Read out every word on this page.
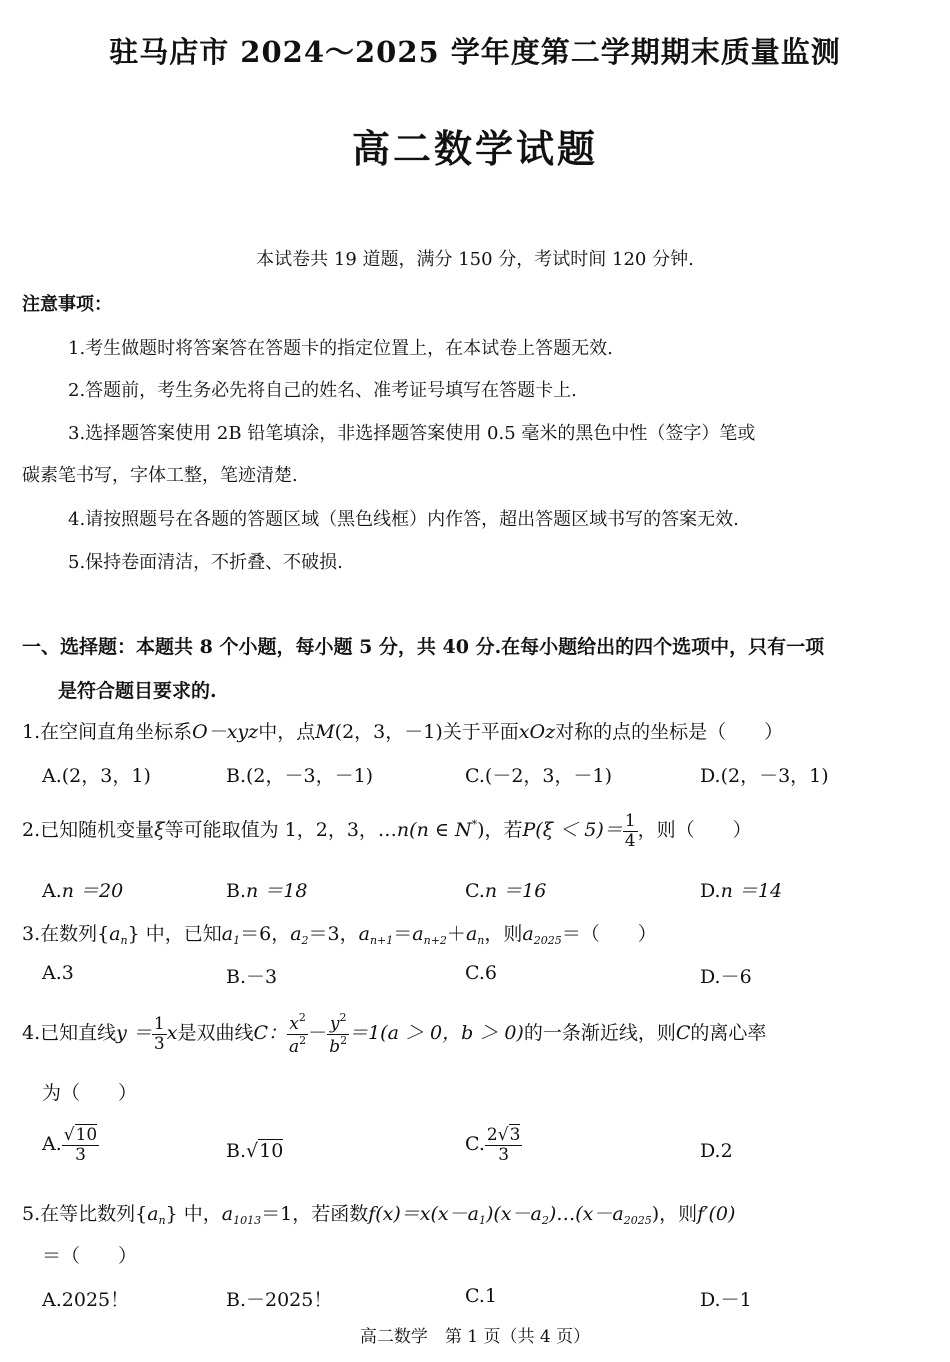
驻马店市 2024～2025 学年度第二学期期末质量监测
高二数学试题
本试卷共 19 道题，满分 150 分，考试时间 120 分钟.
注意事项：
1.考生做题时将答案答在答题卡的指定位置上，在本试卷上答题无效.
2.答题前，考生务必先将自己的姓名、准考证号填写在答题卡上.
3.选择题答案使用 2B 铅笔填涂，非选择题答案使用 0.5 毫米的黑色中性（签字）笔或
碳素笔书写，字体工整，笔迹清楚.
4.请按照题号在各题的答题区域（黑色线框）内作答，超出答题区域书写的答案无效.
5.保持卷面清洁，不折叠、不破损.
一、选择题：本题共 8 个小题，每小题 5 分，共 40 分.在每小题给出的四个选项中，只有一项
是符合题目要求的.
1.在空间直角坐标系O－xyz中，点M(2，3，－1)关于平面xOz对称的点的坐标是（　　）
A.(2，3，1)	B.(2，－3，－1)	C.(－2，3，－1)	D.(2，－3，1)
2.已知随机变量ξ等可能取值为 1，2，3，…n(n ∈ N*)，若$P(\xi < 5)= \frac{1}{4}$ ，则（　　）
A.n ＝20	B.n ＝18	C.n ＝16	D.n ＝14
3.在数列$\{a_n\}$ 中，已知$a_1=6$，$a_2=3$，$a_{n+1}=a_{n+2}+a_n$，则$a_{2025}=$（　　）
A.3	B.－3	C.6	D.－6
4.已知直线$y = \frac{1}{3}$ x是双曲线C： $\frac{x^2}{a^2} - \frac{y^2}{b^2} =1(a > 0$，b ＞ 0)的一条渐近线，则C的离心率
为（　　）
A. $\frac{√10}{3}$	B.√10	C. $\frac{2√3}{3}$	D.2
5.在等比数列$\{a_n\}$ 中，$a_{1013}=1$，若函数$f(x)=x(x-a_1)(x-a_2)\dots(x-a_{2025})$，则f′(0)
＝（　　）
A.2025！	B.－2025！	C.1	D.－1
高二数学　第 1 页（共 4 页）
